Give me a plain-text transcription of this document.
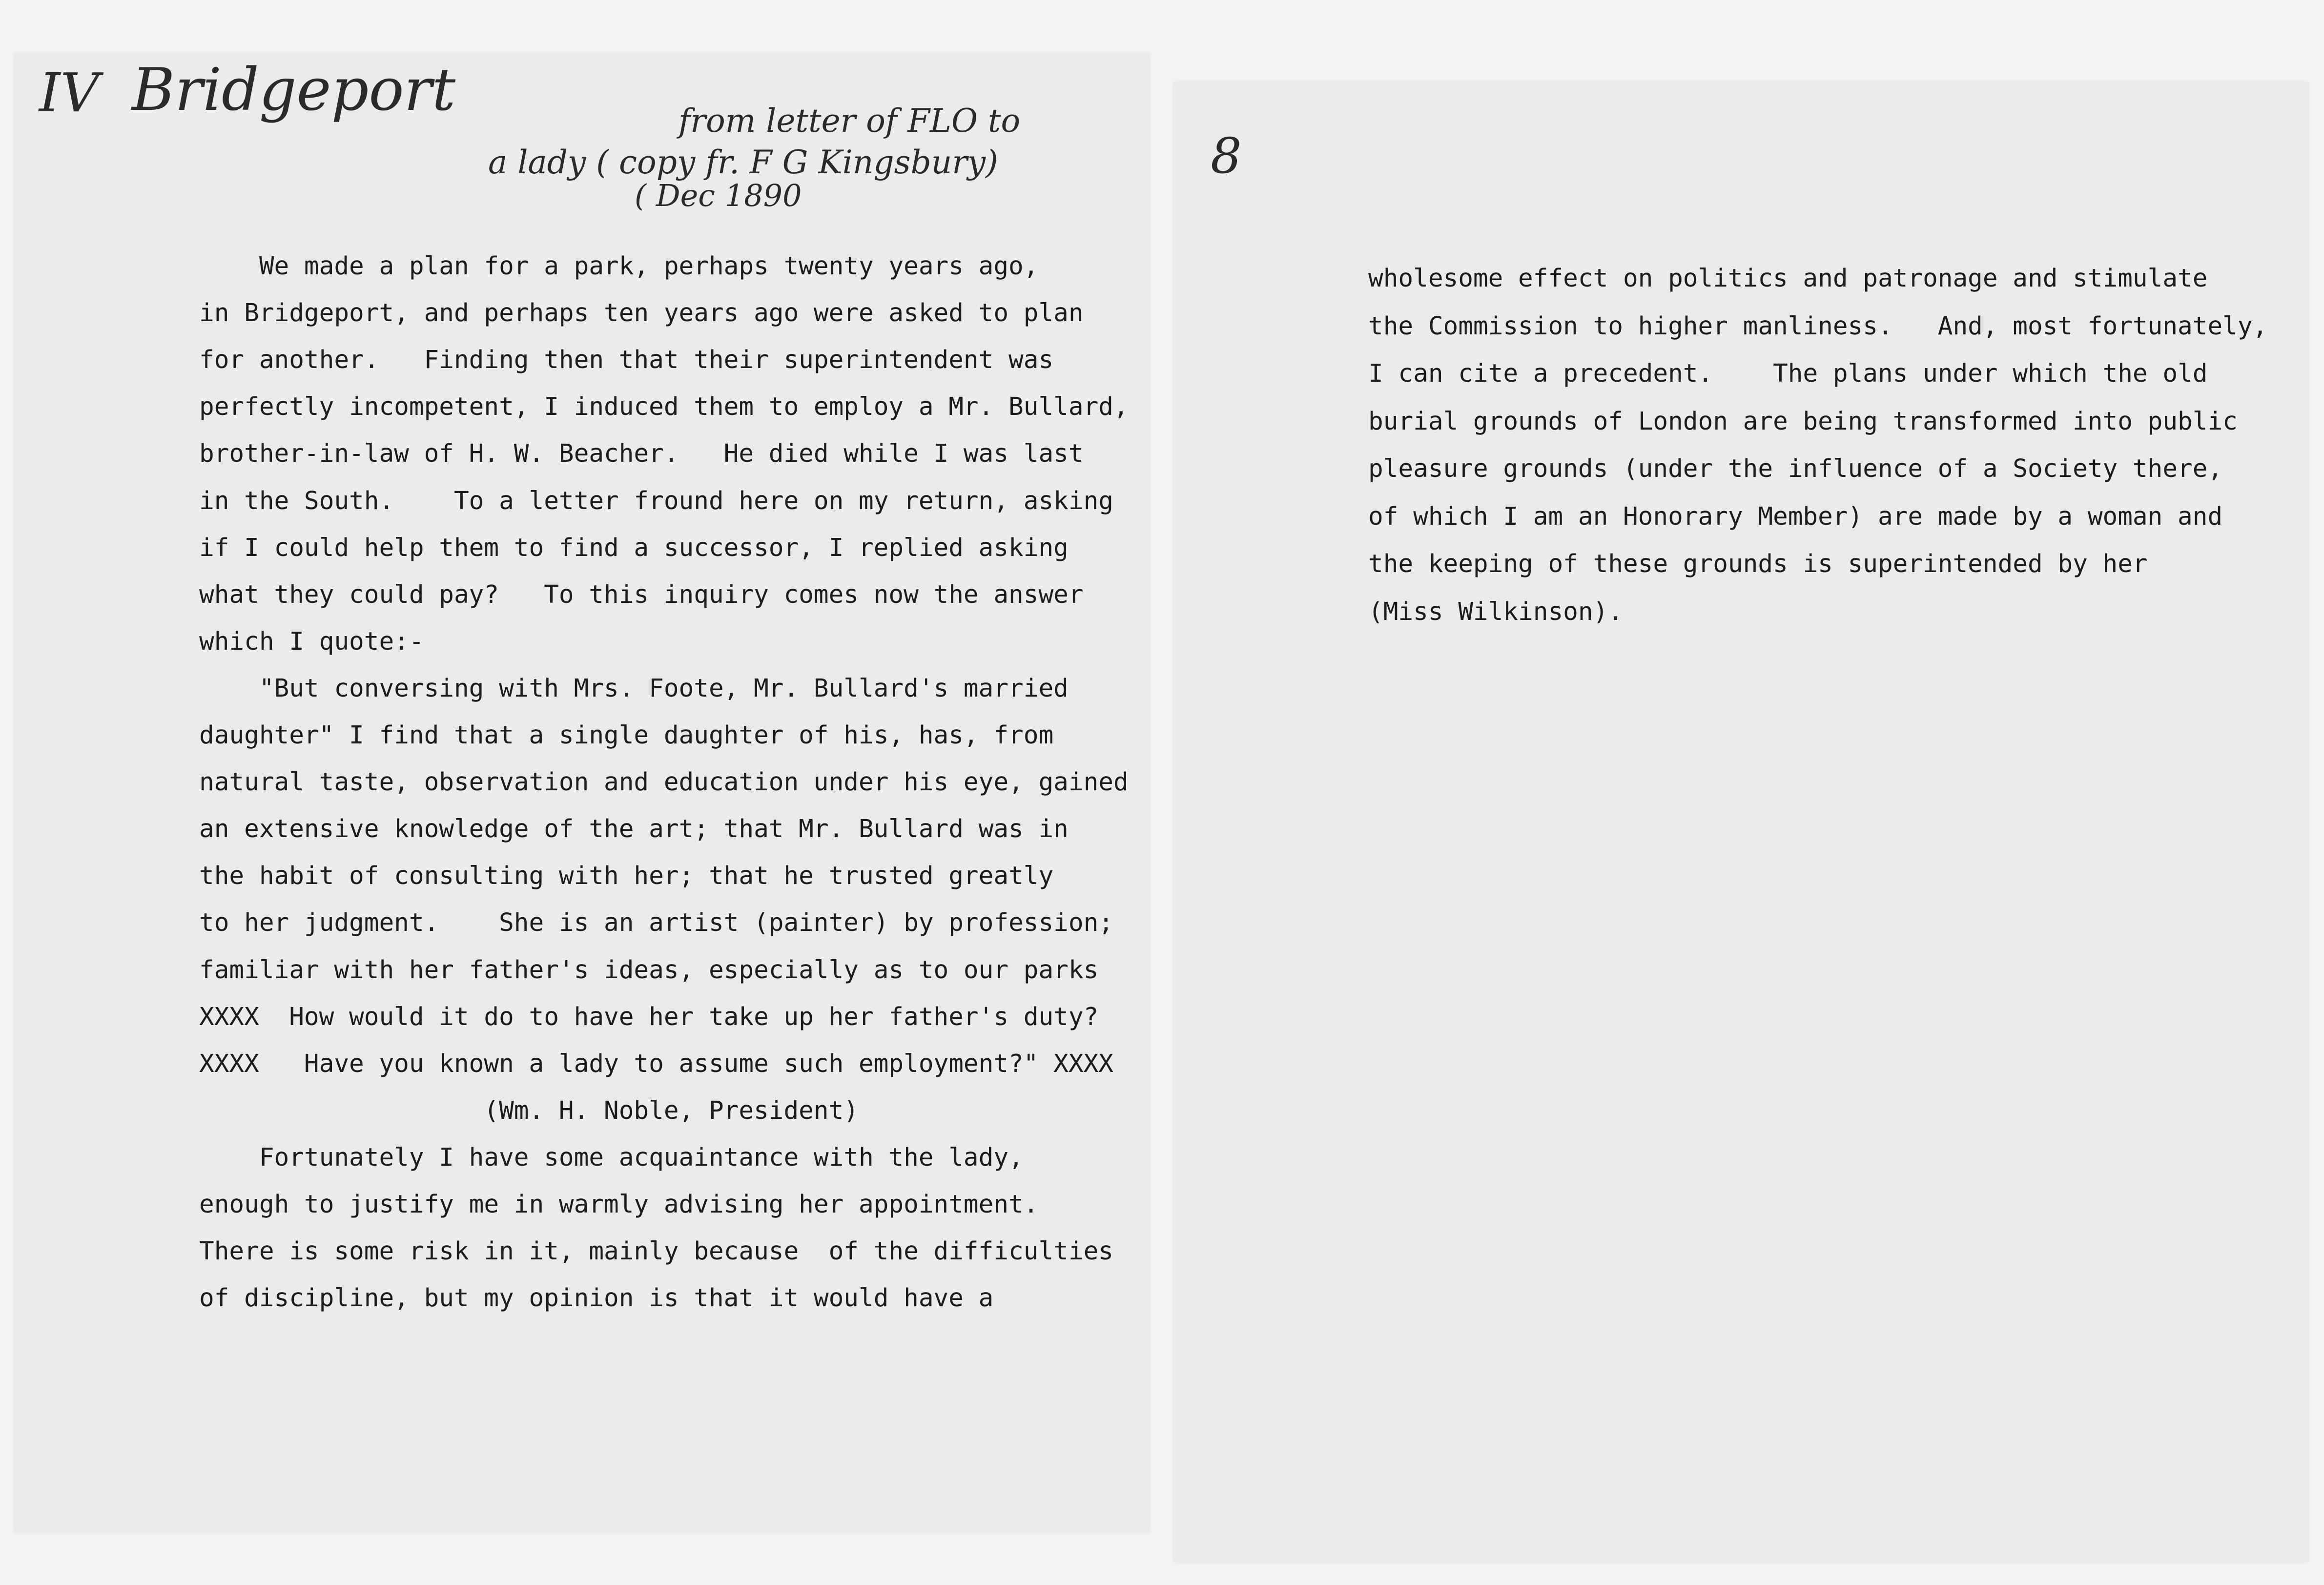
IV Bridgeport	from letter of FLO to
a lady ( copy fr. F G Kingsbury)
( Dec 1890
We made a plan for a park, perhaps twenty years ago,
in Bridgeport, and perhaps ten years ago were asked to plan
for another.   Finding then that their superintendent was
perfectly incompetent, I induced them to employ a Mr. Bullard,
brother-in-law of H. W. Beacher.   He died while I was last
in the South.    To a letter fround here on my return, asking
if I could help them to find a successor, I replied asking
what they could pay?   To this inquiry comes now the answer
which I quote:-
"But conversing with Mrs. Foote, Mr. Bullard's married
daughter" I find that a single daughter of his, has, from
natural taste, observation and education under his eye, gained
an extensive knowledge of the art; that Mr. Bullard was in
the habit of consulting with her; that he trusted greatly
to her judgment.    She is an artist (painter) by profession;
familiar with her father's ideas, especially as to our parks
XXXX  How would it do to have her take up her father's duty?
XXXX   Have you known a lady to assume such employment?" XXXX
(Wm. H. Noble, President)
Fortunately I have some acquaintance with the lady,
enough to justify me in warmly advising her appointment.
There is some risk in it, mainly because  of the difficulties
of discipline, but my opinion is that it would have a
8
wholesome effect on politics and patronage and stimulate
the Commission to higher manliness.   And, most fortunately,
I can cite a precedent.    The plans under which the old
burial grounds of London are being transformed into public
pleasure grounds (under the influence of a Society there,
of which I am an Honorary Member) are made by a woman and
the keeping of these grounds is superintended by her
(Miss Wilkinson).
